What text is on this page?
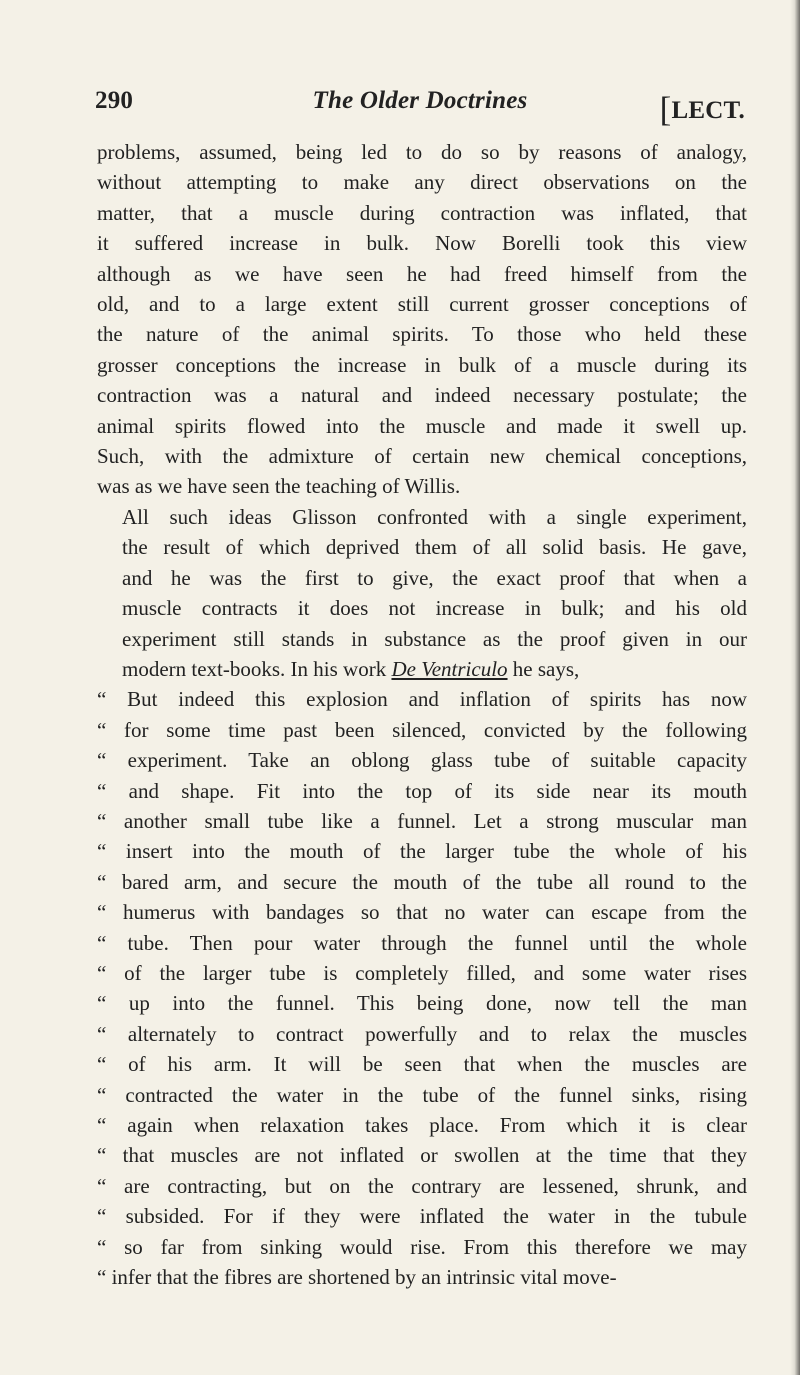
290	The Older Doctrines	[LECT.

problems, assumed, being led to do so by reasons of analogy,
without attempting to make any direct observations on the
matter, that a muscle during contraction was inflated, that
it suffered increase in bulk. Now Borelli took this view
although as we have seen he had freed himself from the
old, and to a large extent still current grosser conceptions of
the nature of the animal spirits. To those who held these
grosser conceptions the increase in bulk of a muscle during its
contraction was a natural and indeed necessary postulate; the
animal spirits flowed into the muscle and made it swell up.
Such, with the admixture of certain new chemical conceptions,
was as we have seen the teaching of Willis.

All such ideas Glisson confronted with a single experiment,
the result of which deprived them of all solid basis. He gave,
and he was the first to give, the exact proof that when a
muscle contracts it does not increase in bulk; and his old
experiment still stands in substance as the proof given in our
modern text-books. In his work De Ventriculo he says,

“ But indeed this explosion and inflation of spirits has now
“ for some time past been silenced, convicted by the following
“ experiment. Take an oblong glass tube of suitable capacity
“ and shape. Fit into the top of its side near its mouth
“ another small tube like a funnel. Let a strong muscular man
“ insert into the mouth of the larger tube the whole of his
“ bared arm, and secure the mouth of the tube all round to the
“ humerus with bandages so that no water can escape from the
“ tube. Then pour water through the funnel until the whole
“ of the larger tube is completely filled, and some water rises
“ up into the funnel. This being done, now tell the man
“ alternately to contract powerfully and to relax the muscles
“ of his arm. It will be seen that when the muscles are
“ contracted the water in the tube of the funnel sinks, rising
“ again when relaxation takes place. From which it is clear
“ that muscles are not inflated or swollen at the time that they
“ are contracting, but on the contrary are lessened, shrunk, and
“ subsided. For if they were inflated the water in the tubule
“ so far from sinking would rise. From this therefore we may
“ infer that the fibres are shortened by an intrinsic vital move-
